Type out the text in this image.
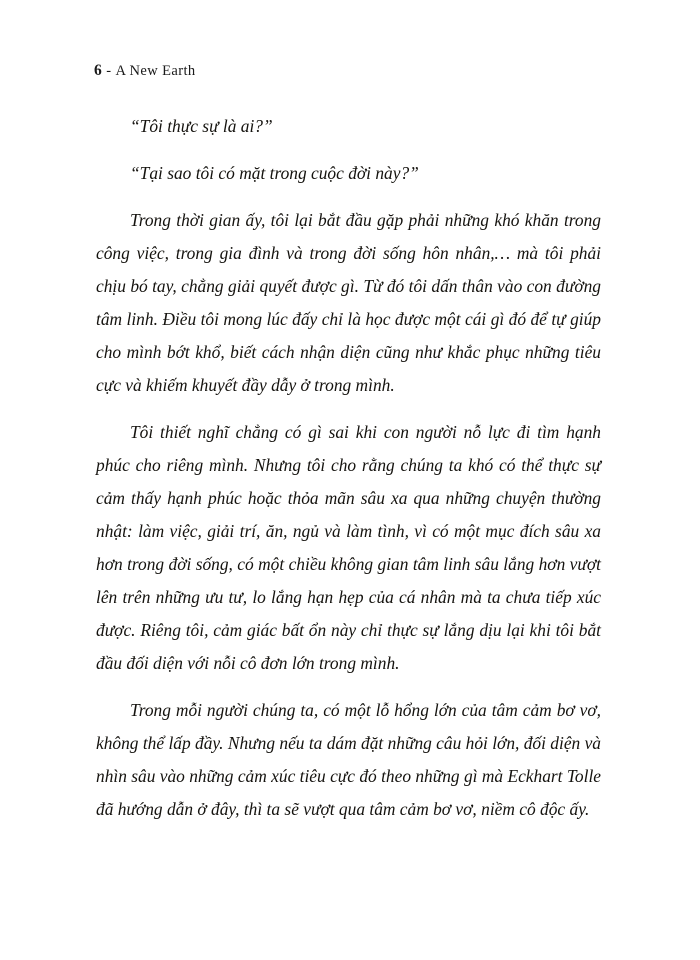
6 - A New Earth

“Tôi thực sự là ai?”

“Tại sao tôi có mặt trong cuộc đời này?”

Trong thời gian ấy, tôi lại bắt đầu gặp phải những khó khăn trong công việc, trong gia đình và trong đời sống hôn nhân,… mà tôi phải chịu bó tay, chẳng giải quyết được gì. Từ đó tôi dấn thân vào con đường tâm linh. Điều tôi mong lúc đấy chỉ là học được một cái gì đó để tự giúp cho mình bớt khổ, biết cách nhận diện cũng như khắc phục những tiêu cực và khiếm khuyết đầy dẫy ở trong mình.

Tôi thiết nghĩ chẳng có gì sai khi con người nỗ lực đi tìm hạnh phúc cho riêng mình. Nhưng tôi cho rằng chúng ta khó có thể thực sự cảm thấy hạnh phúc hoặc thỏa mãn sâu xa qua những chuyện thường nhật: làm việc, giải trí, ăn, ngủ và làm tình, vì có một mục đích sâu xa hơn trong đời sống, có một chiều không gian tâm linh sâu lắng hơn vượt lên trên những ưu tư, lo lắng hạn hẹp của cá nhân mà ta chưa tiếp xúc được. Riêng tôi, cảm giác bất ổn này chỉ thực sự lắng dịu lại khi tôi bắt đầu đối diện với nỗi cô đơn lớn trong mình.

Trong mỗi người chúng ta, có một lỗ hổng lớn của tâm cảm bơ vơ, không thể lấp đầy. Nhưng nếu ta dám đặt những câu hỏi lớn, đối diện và nhìn sâu vào những cảm xúc tiêu cực đó theo những gì mà Eckhart Tolle đã hướng dẫn ở đây, thì ta sẽ vượt qua tâm cảm bơ vơ, niềm cô độc ấy.
